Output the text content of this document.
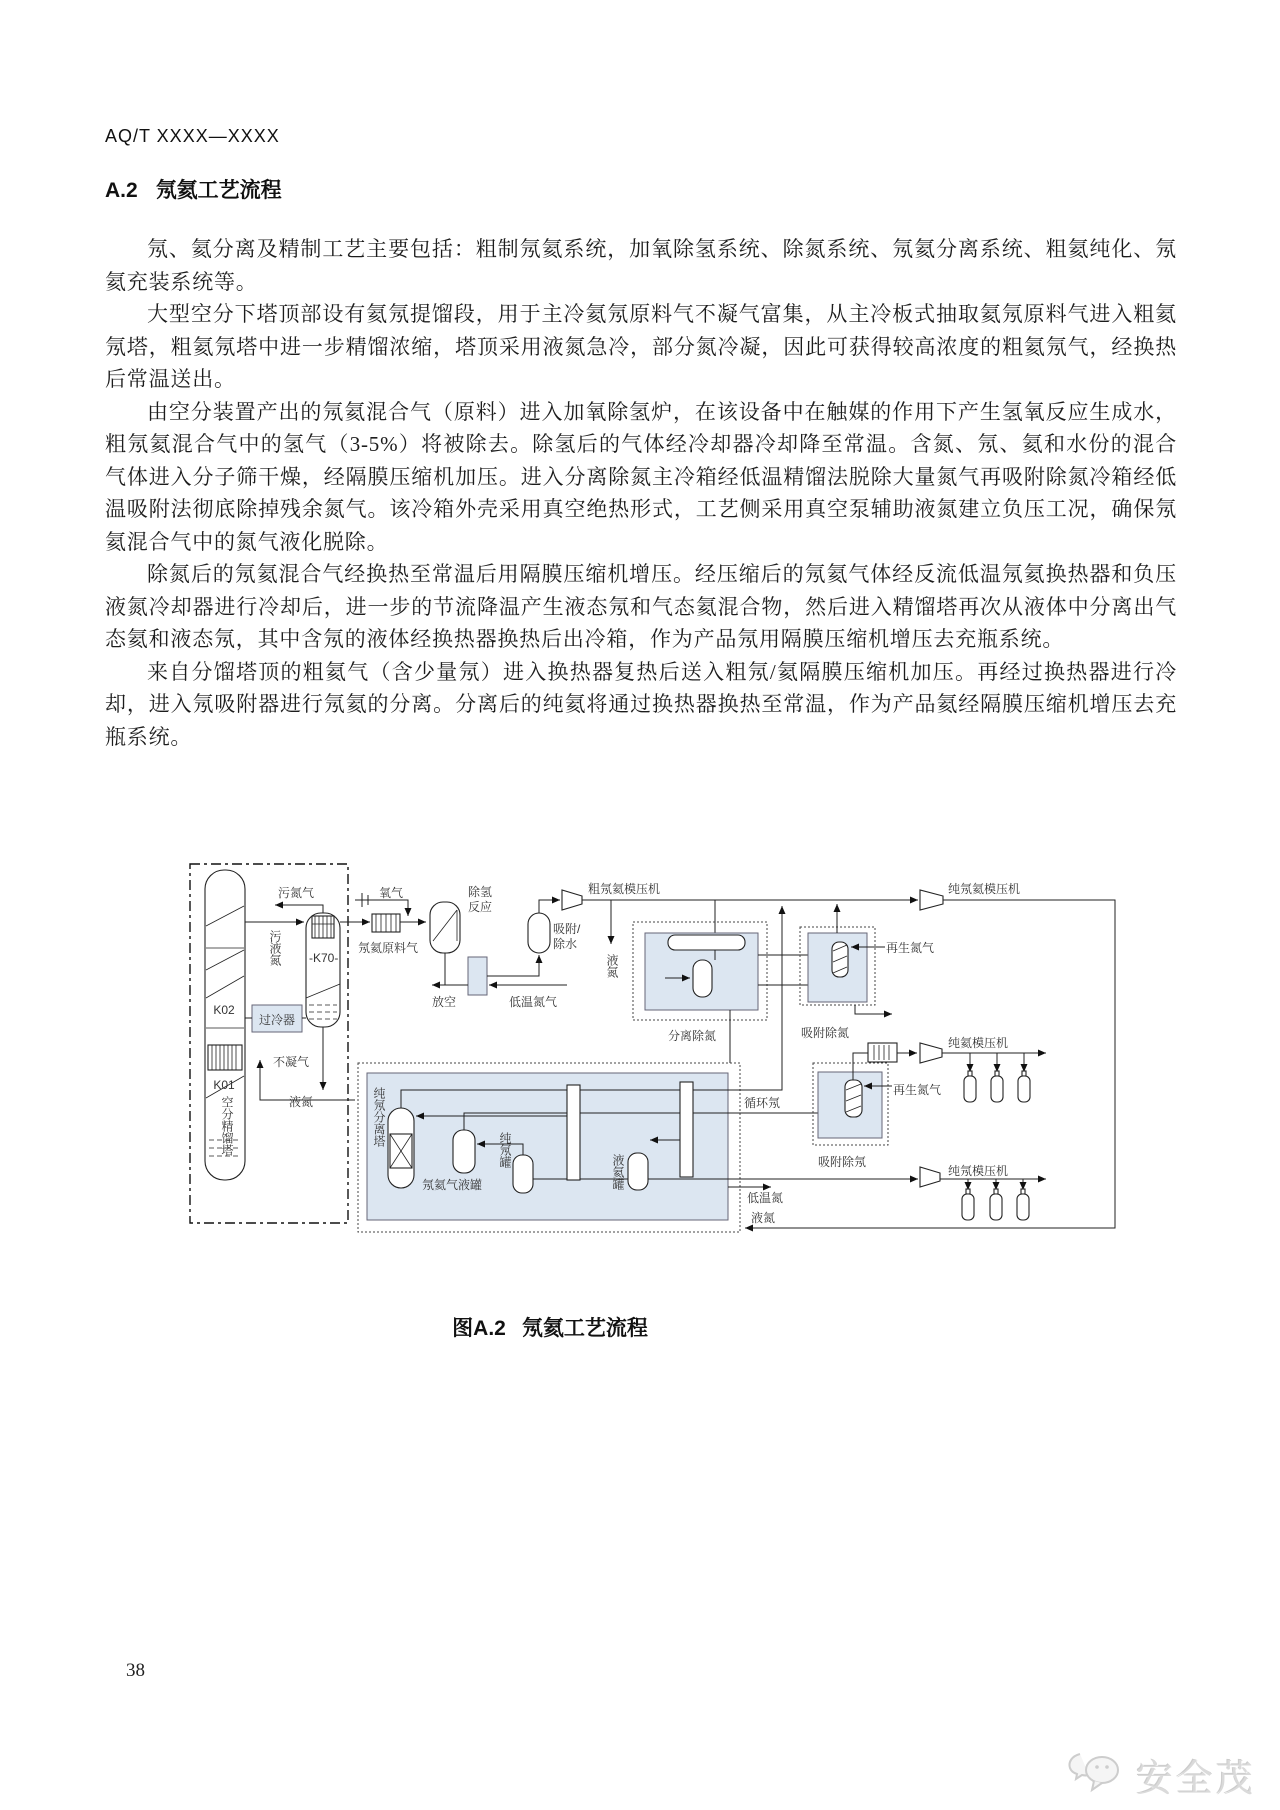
AQ/T XXXX—XXXX
A.2 氖氦工艺流程

氖、氦分离及精制工艺主要包括：粗制氖氦系统，加氧除氢系统、除氮系统、氖氦分离系统、粗氦纯化、氖氦充装系统等。

大型空分下塔顶部设有氦氖提馏段，用于主冷氦氖原料气不凝气富集，从主冷板式抽取氦氖原料气进入粗氦氖塔，粗氦氖塔中进一步精馏浓缩，塔顶采用液氮急冷，部分氮冷凝，因此可获得较高浓度的粗氦氖气，经换热后常温送出。

由空分装置产出的氖氦混合气（原料）进入加氧除氢炉，在该设备中在触媒的作用下产生氢氧反应生成水，粗氖氦混合气中的氢气（3-5%）将被除去。除氢后的气体经冷却器冷却降至常温。含氮、氖、氦和水份的混合气体进入分子筛干燥，经隔膜压缩机加压。进入分离除氮主冷箱经低温精馏法脱除大量氮气再吸附除氮冷箱经低温吸附法彻底除掉残余氮气。该冷箱外壳采用真空绝热形式，工艺侧采用真空泵辅助液氮建立负压工况，确保氖氦混合气中的氮气液化脱除。

除氮后的氖氦混合气经换热至常温后用隔膜压缩机增压。经压缩后的氖氦气体经反流低温氖氦换热器和负压液氮冷却器进行冷却后，进一步的节流降温产生液态氖和气态氦混合物，然后进入精馏塔再次从液体中分离出气态氦和液态氖，其中含氖的液体经换热器换热后出冷箱，作为产品氖用隔膜压缩机增压去充瓶系统。

来自分馏塔顶的粗氦气（含少量氖）进入换热器复热后送入粗氖/氦隔膜压缩机加压。再经过换热器进行冷却，进入氖吸附器进行氖氦的分离。分离后的纯氦将通过换热器换热至常温，作为产品氦经隔膜压缩机增压去充瓶系统。

K02
K01
空分精馏塔
-K70-
过冷器
污氮气
污液氮
不凝气
液氮
氖氦原料气
氧气	除氢
反应
放空	低温氮气
吸附/
除水
粗氖氦模压机
液氮
分离除氮
再生氮气
吸附除氮
纯氖氦模压机
纯氖分离塔
氖氦气液罐
纯氖罐
液氦罐
循环氖
低温氮
液氮
再生氮气
吸附除氖
纯氦模压机
纯氖模压机
图A.2 氖氦工艺流程
38
安全茂
